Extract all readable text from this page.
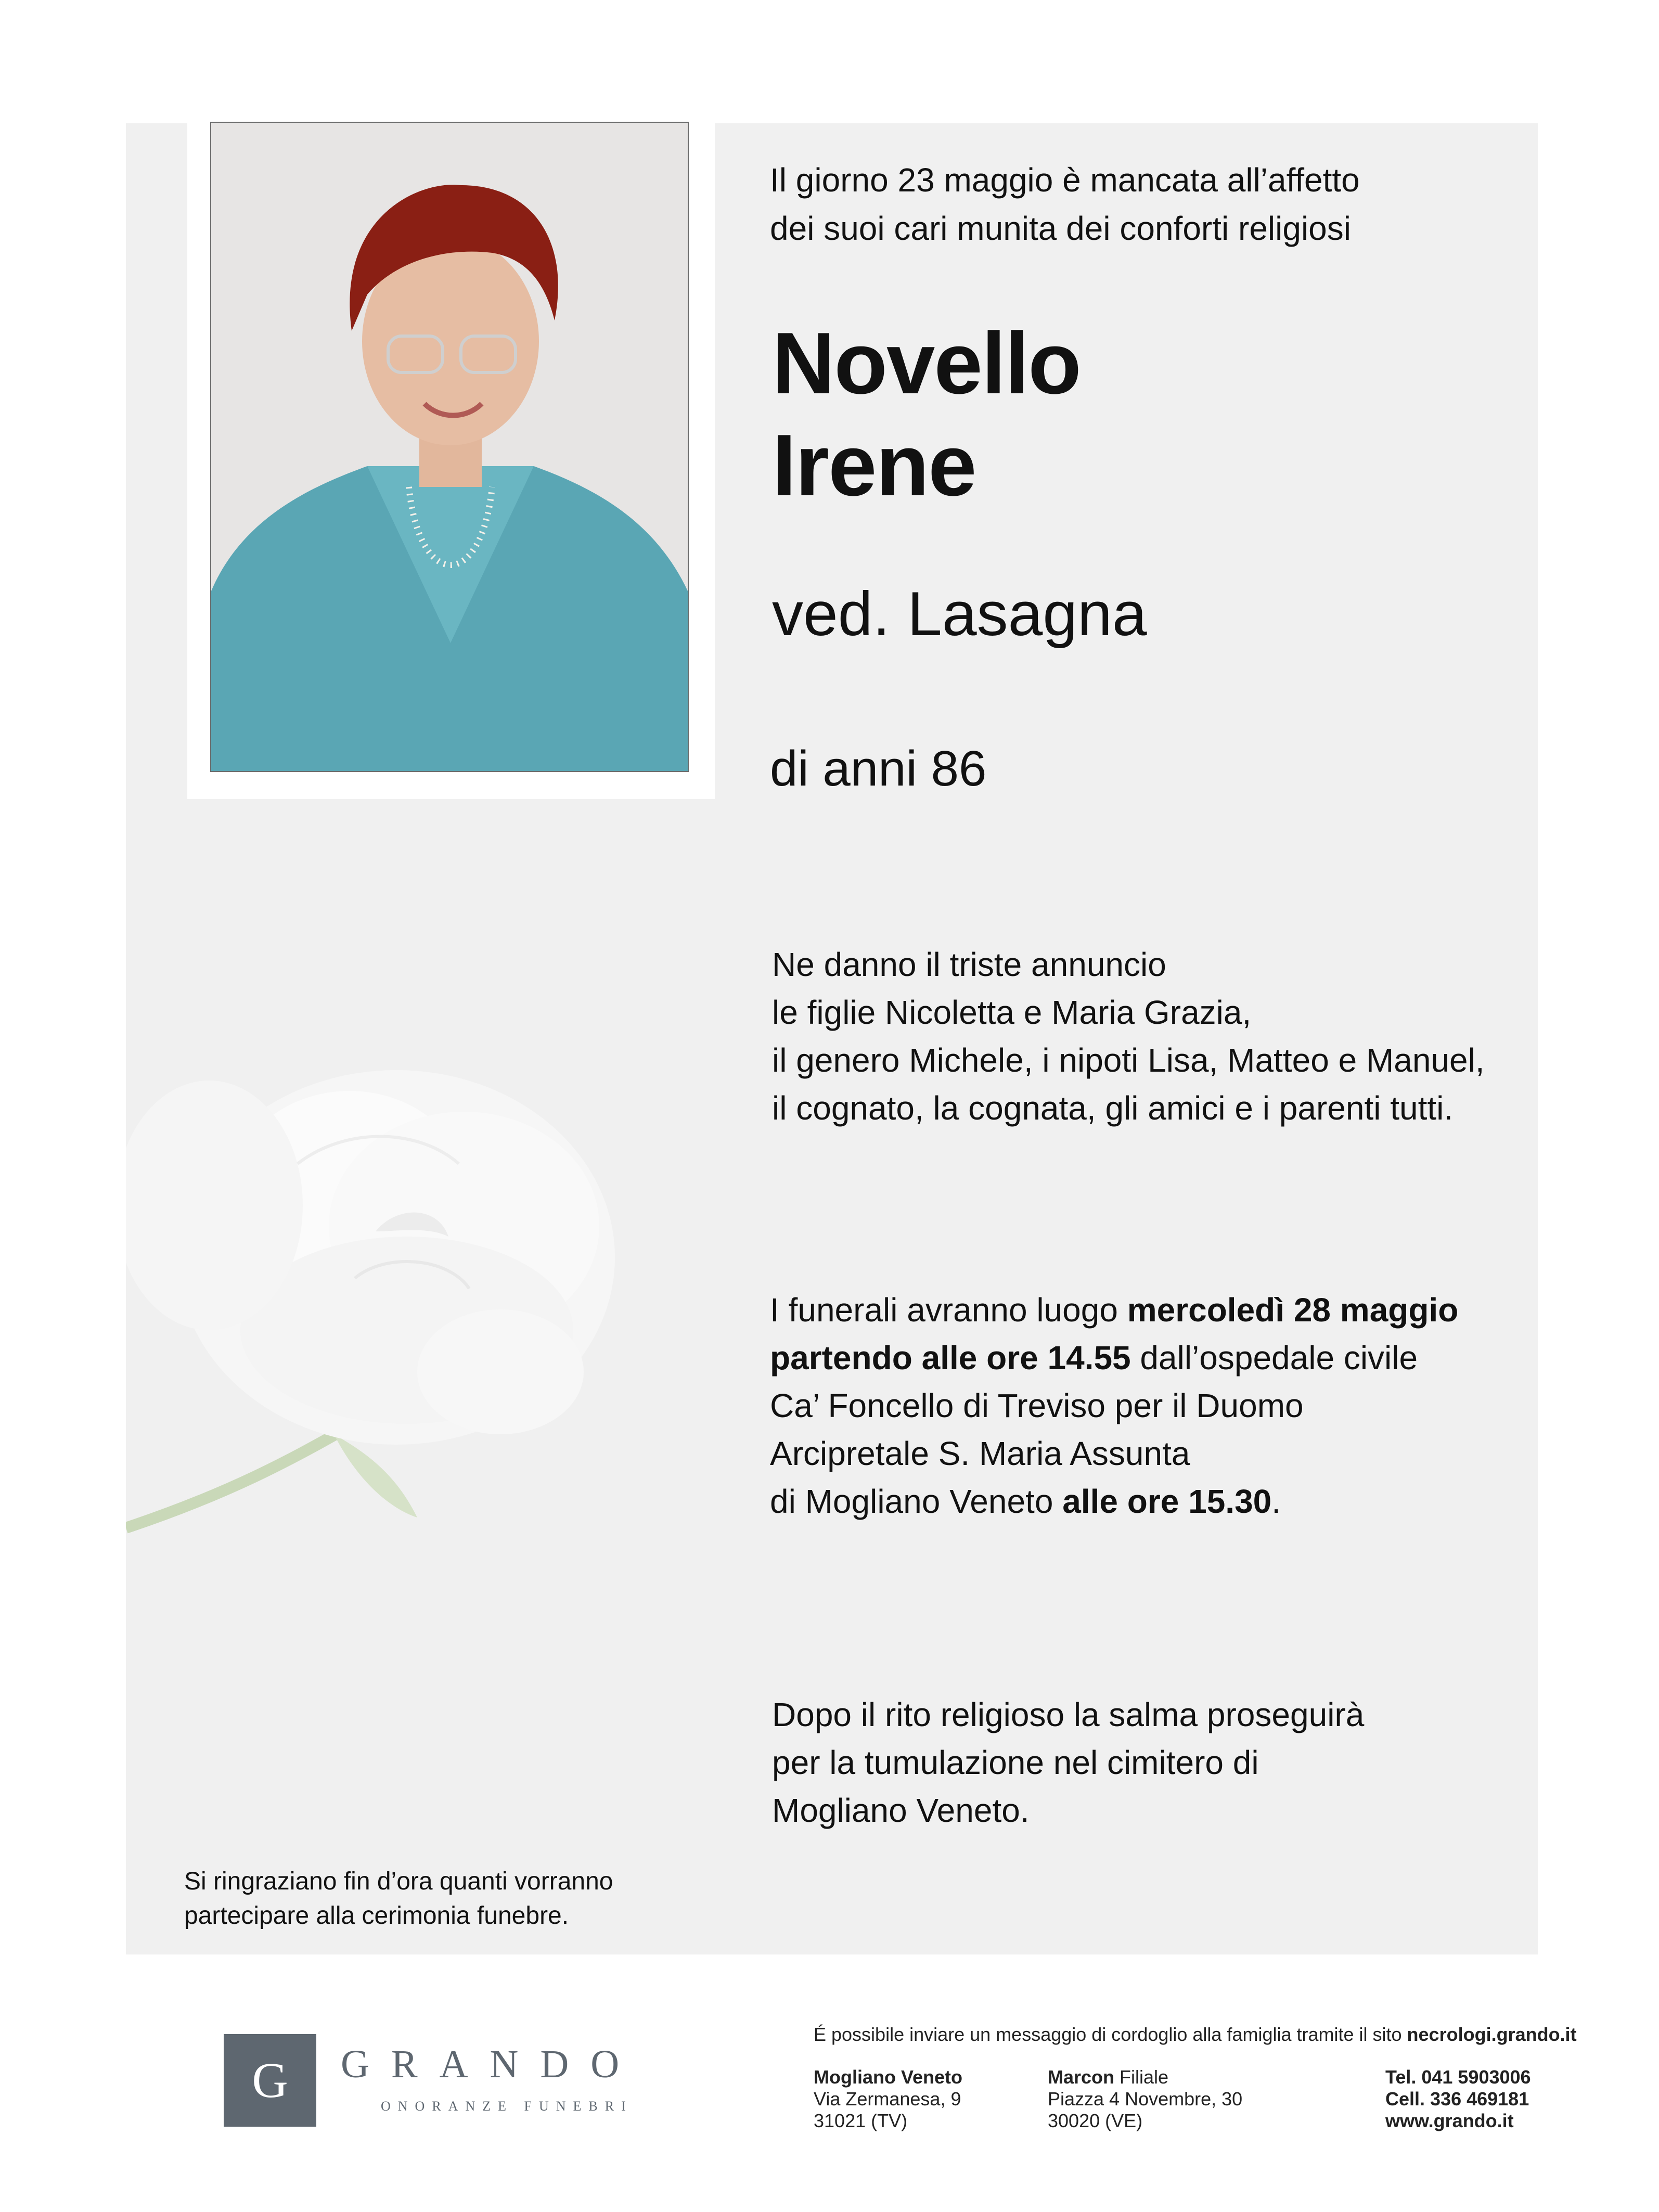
Il giorno 23 maggio è mancata all’affetto
dei suoi cari munita dei conforti religiosi
Novello
Irene
ved. Lasagna
di anni 86
Ne danno il triste annuncio
le figlie Nicoletta e Maria Grazia,
il genero Michele, i nipoti Lisa, Matteo e Manuel,
il cognato, la cognata, gli amici e i parenti tutti.
I funerali avranno luogo mercoledì 28 maggio
partendo alle ore 14.55 dall’ospedale civile
Ca’ Foncello di Treviso per il Duomo
Arcipretale S. Maria Assunta
di Mogliano Veneto alle ore 15.30.
Dopo il rito religioso la salma proseguirà
per la tumulazione nel cimitero di
Mogliano Veneto.
Si ringraziano fin d’ora quanti vorranno
partecipare alla cerimonia funebre.
G	GRANDO
ONORANZE FUNEBRI
É possibile inviare un messaggio di cordoglio alla famiglia tramite il sito necrologi.grando.it
Mogliano Veneto
Via Zermanesa, 9
31021 (TV)
Marcon Filiale
Piazza 4 Novembre, 30
30020 (VE)
Tel. 041 5903006
Cell. 336 469181
www.grando.it
